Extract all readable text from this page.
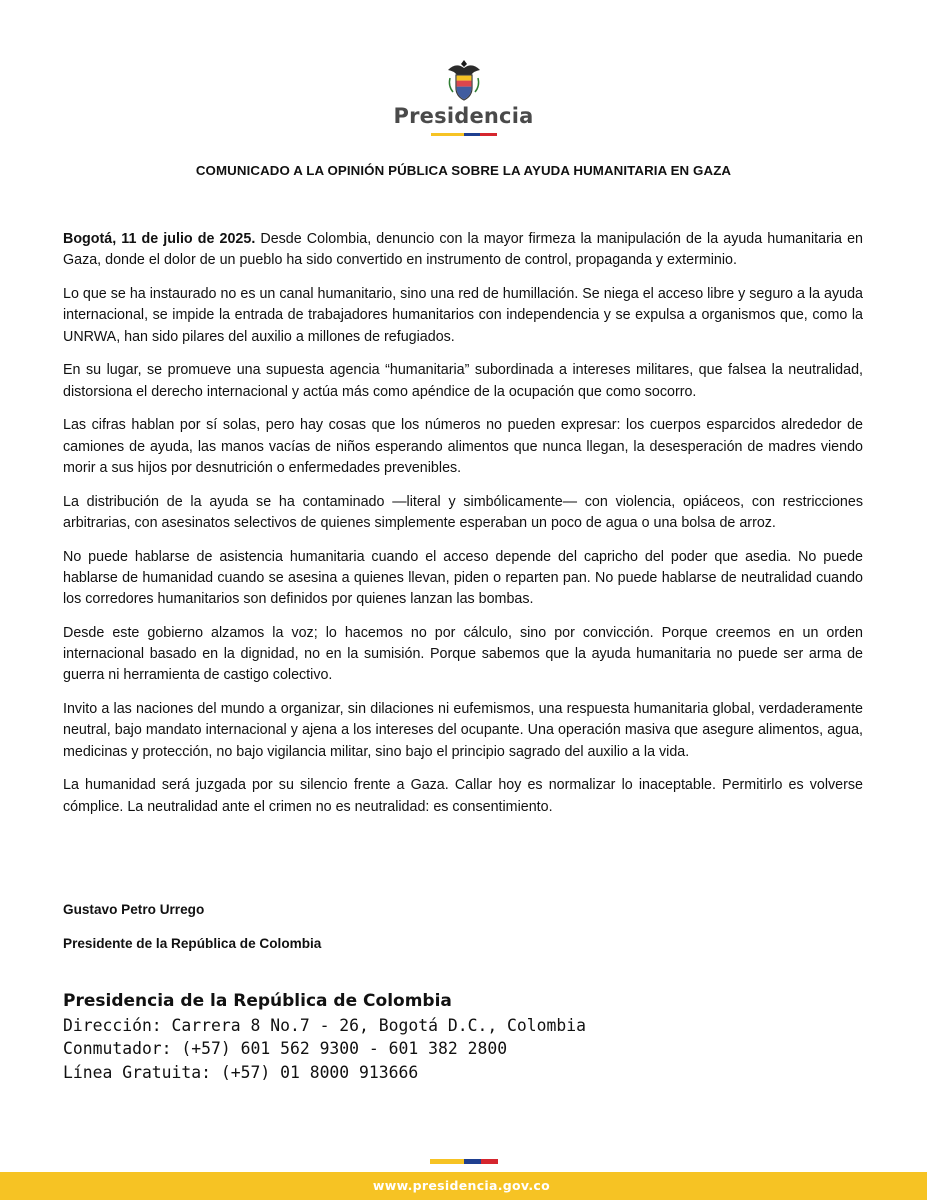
Presidencia
COMUNICADO A LA OPINIÓN PÚBLICA SOBRE LA AYUDA HUMANITARIA EN GAZA

Bogotá, 11 de julio de 2025. Desde Colombia, denuncio con la mayor firmeza la manipulación de la ayuda humanitaria en Gaza, donde el dolor de un pueblo ha sido convertido en instrumento de control, propaganda y exterminio.

Lo que se ha instaurado no es un canal humanitario, sino una red de humillación. Se niega el acceso libre y seguro a la ayuda internacional, se impide la entrada de trabajadores humanitarios con independencia y se expulsa a organismos que, como la UNRWA, han sido pilares del auxilio a millones de refugiados.

En su lugar, se promueve una supuesta agencia “humanitaria” subordinada a intereses militares, que falsea la neutralidad, distorsiona el derecho internacional y actúa más como apéndice de la ocupación que como socorro.

Las cifras hablan por sí solas, pero hay cosas que los números no pueden expresar: los cuerpos esparcidos alrededor de camiones de ayuda, las manos vacías de niños esperando alimentos que nunca llegan, la desesperación de madres viendo morir a sus hijos por desnutrición o enfermedades prevenibles.

La distribución de la ayuda se ha contaminado —literal y simbólicamente— con violencia, opiáceos, con restricciones arbitrarias, con asesinatos selectivos de quienes simplemente esperaban un poco de agua o una bolsa de arroz.

No puede hablarse de asistencia humanitaria cuando el acceso depende del capricho del poder que asedia. No puede hablarse de humanidad cuando se asesina a quienes llevan, piden o reparten pan. No puede hablarse de neutralidad cuando los corredores humanitarios son definidos por quienes lanzan las bombas.

Desde este gobierno alzamos la voz; lo hacemos no por cálculo, sino por convicción. Porque creemos en un orden internacional basado en la dignidad, no en la sumisión. Porque sabemos que la ayuda humanitaria no puede ser arma de guerra ni herramienta de castigo colectivo.

Invito a las naciones del mundo a organizar, sin dilaciones ni eufemismos, una respuesta humanitaria global, verdaderamente neutral, bajo mandato internacional y ajena a los intereses del ocupante. Una operación masiva que asegure alimentos, agua, medicinas y protección, no bajo vigilancia militar, sino bajo el principio sagrado del auxilio a la vida.

La humanidad será juzgada por su silencio frente a Gaza. Callar hoy es normalizar lo inaceptable. Permitirlo es volverse cómplice. La neutralidad ante el crimen no es neutralidad: es consentimiento.

Gustavo Petro Urrego
Presidente de la República de Colombia
Presidencia de la República de Colombia
Dirección: Carrera 8 No.7 - 26, Bogotá D.C., Colombia
Conmutador: (+57) 601 562 9300 - 601 382 2800
Línea Gratuita: (+57) 01 8000 913666
www.presidencia.gov.co
